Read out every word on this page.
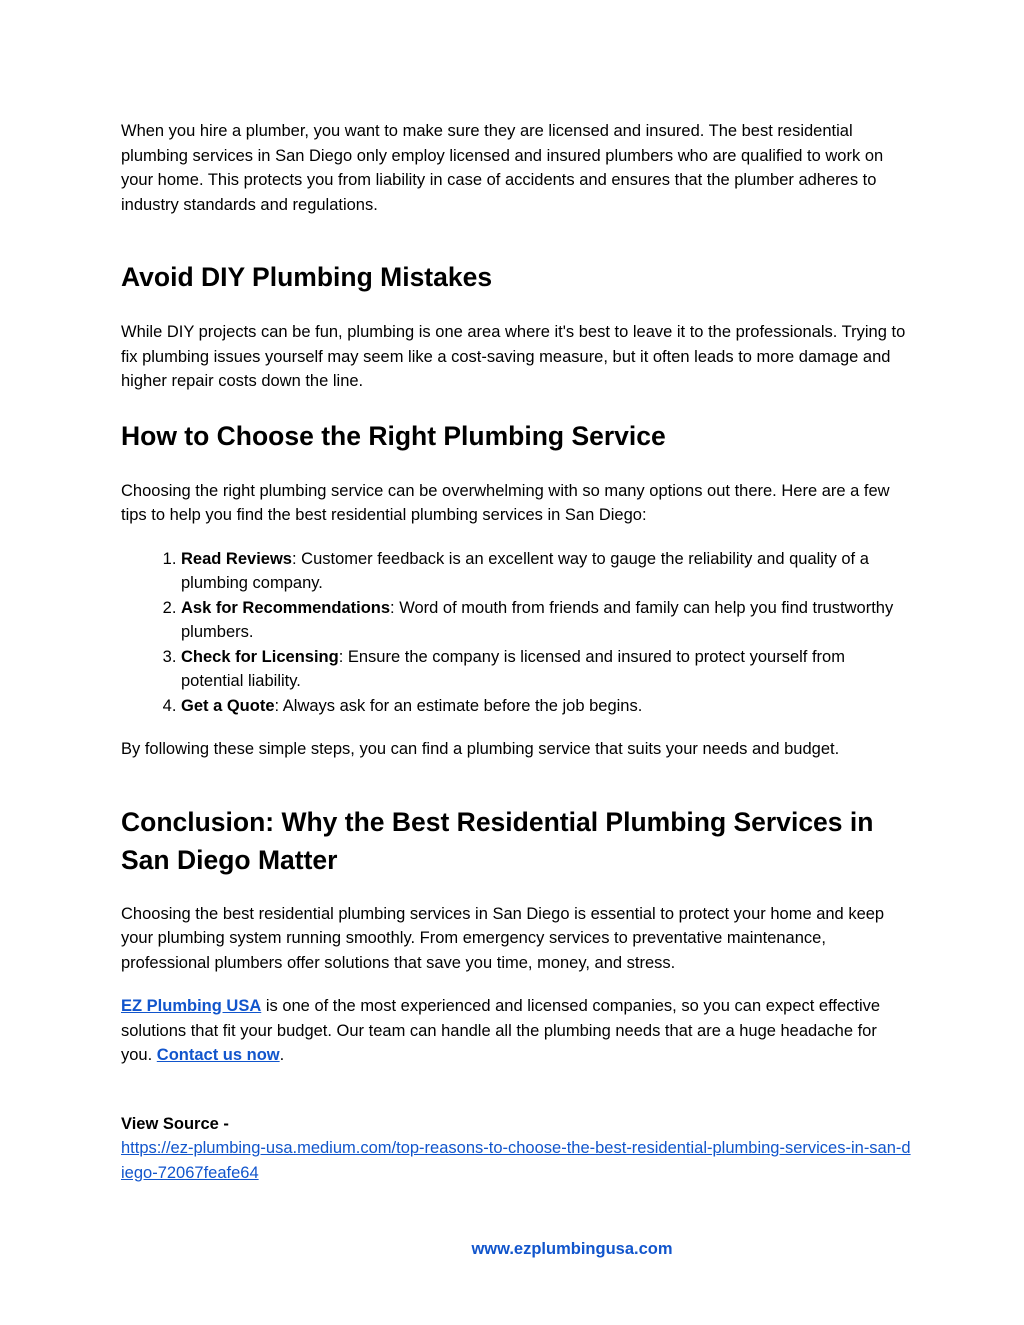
When you hire a plumber, you want to make sure they are licensed and insured. The best residential plumbing services in San Diego only employ licensed and insured plumbers who are qualified to work on your home. This protects you from liability in case of accidents and ensures that the plumber adheres to industry standards and regulations.

Avoid DIY Plumbing Mistakes

While DIY projects can be fun, plumbing is one area where it's best to leave it to the professionals. Trying to fix plumbing issues yourself may seem like a cost-saving measure, but it often leads to more damage and higher repair costs down the line.

How to Choose the Right Plumbing Service

Choosing the right plumbing service can be overwhelming with so many options out there. Here are a few tips to help you find the best residential plumbing services in San Diego:

1. Read Reviews: Customer feedback is an excellent way to gauge the reliability and quality of a plumbing company.
2. Ask for Recommendations: Word of mouth from friends and family can help you find trustworthy plumbers.
3. Check for Licensing: Ensure the company is licensed and insured to protect yourself from potential liability.
4. Get a Quote: Always ask for an estimate before the job begins.

By following these simple steps, you can find a plumbing service that suits your needs and budget.

Conclusion: Why the Best Residential Plumbing Services in San Diego Matter

Choosing the best residential plumbing services in San Diego is essential to protect your home and keep your plumbing system running smoothly. From emergency services to preventative maintenance, professional plumbers offer solutions that save you time, money, and stress.

EZ Plumbing USA is one of the most experienced and licensed companies, so you can expect effective solutions that fit your budget. Our team can handle all the plumbing needs that are a huge headache for you. Contact us now.

View Source -
https://ez-plumbing-usa.medium.com/top-reasons-to-choose-the-best-residential-plumbing-services-in-san-diego-72067feafe64

www.ezplumbingusa.com
